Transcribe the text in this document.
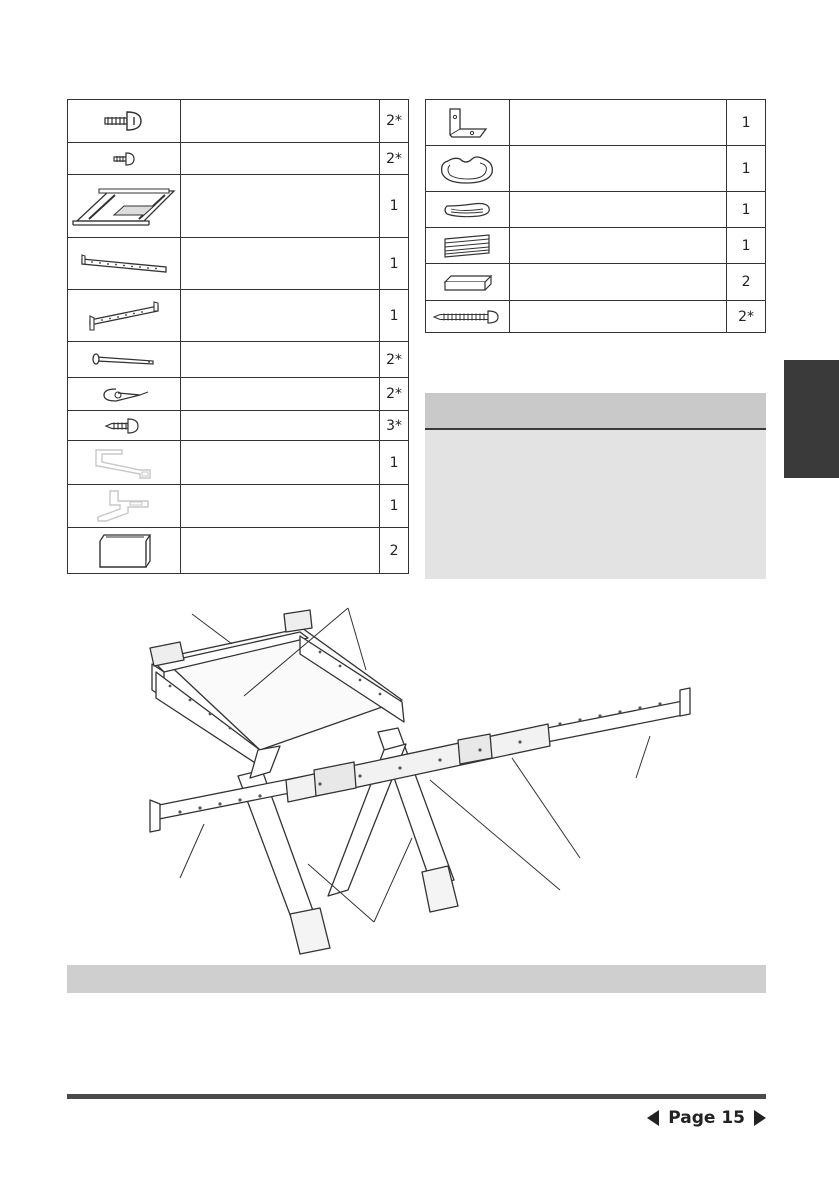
		2*

		2*

		1

		1

		1

		2*

		2*

		3*

		1

		1

		2
		1

		1

		1

		1

		2

		2*
Page 15
